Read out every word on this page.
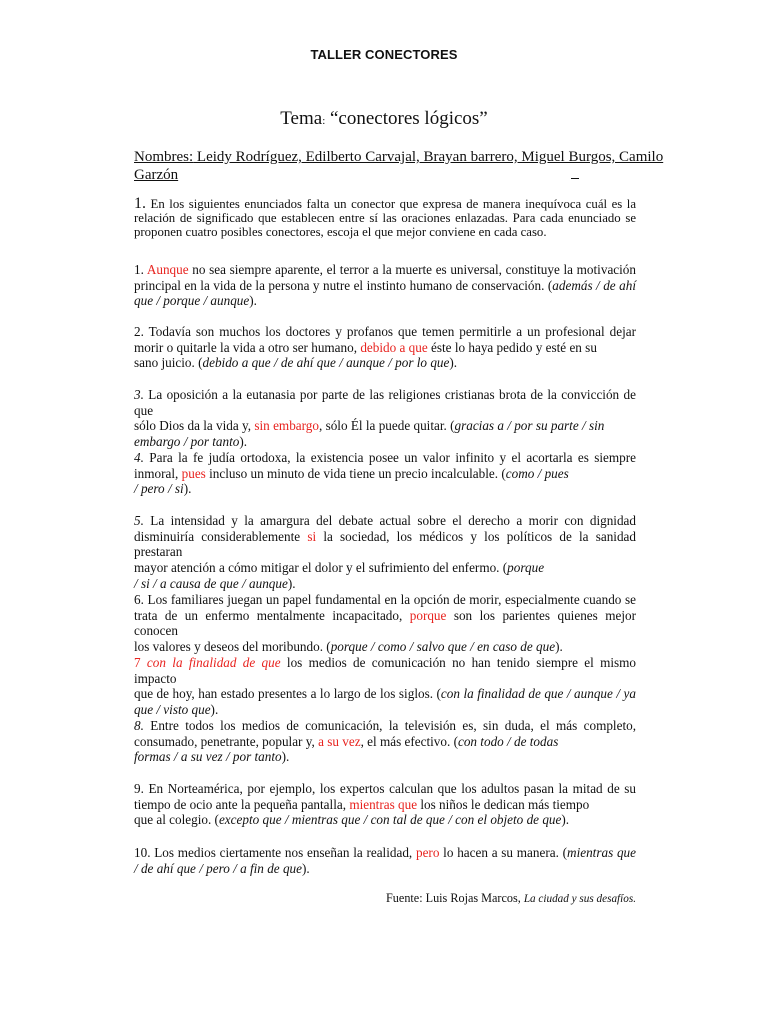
TALLER CONECTORES
Tema: “conectores lógicos”
Nombres: Leidy Rodríguez, Edilberto Carvajal, Brayan barrero, Miguel Burgos, Camilo
Garzón
1. En los siguientes enunciados falta un conector que expresa de manera inequívoca cuál es la
relación de significado que establecen entre sí las oraciones enlazadas. Para cada enunciado se
proponen cuatro posibles conectores, escoja el que mejor conviene en cada caso.
1. Aunque no sea siempre aparente, el terror a la muerte es universal, constituye la motivación
principal en la vida de la persona y nutre el instinto humano de conservación. (además / de ahí
que / porque / aunque).
2. Todavía son muchos los doctores y profanos que temen permitirle a un profesional dejar
morir o quitarle la vida a otro ser humano, debido a que éste lo haya pedido y esté en su
sano juicio. (debido a que / de ahí que / aunque / por lo que).
3. La oposición a la eutanasia por parte de las religiones cristianas brota de la convicción de que
sólo Dios da la vida y, sin embargo, sólo Él la puede quitar. (gracias a / por su parte / sin
embargo / por tanto).
4. Para la fe judía ortodoxa, la existencia posee un valor infinito y el acortarla es siempre
inmoral, pues incluso un minuto de vida tiene un precio incalculable. (como / pues
/ pero / si).
5. La intensidad y la amargura del debate actual sobre el derecho a morir con dignidad
disminuiría considerablemente si la sociedad, los médicos y los políticos de la sanidad prestaran
mayor atención a cómo mitigar el dolor y el sufrimiento del enfermo. (porque
/ si / a causa de que / aunque).
6. Los familiares juegan un papel fundamental en la opción de morir, especialmente cuando se
trata de un enfermo mentalmente incapacitado, porque son los parientes quienes mejor conocen
los valores y deseos del moribundo. (porque / como / salvo que / en caso de que).
7 con la finalidad de que los medios de comunicación no han tenido siempre el mismo impacto
que de hoy, han estado presentes a lo largo de los siglos. (con la finalidad de que / aunque / ya
que / visto que).
8. Entre todos los medios de comunicación, la televisión es, sin duda, el más completo,
consumado, penetrante, popular y, a su vez, el más efectivo. (con todo / de todas
formas / a su vez / por tanto).
9. En Norteamérica, por ejemplo, los expertos calculan que los adultos pasan la mitad de su
tiempo de ocio ante la pequeña pantalla, mientras que los niños le dedican más tiempo
que al colegio. (excepto que / mientras que / con tal de que / con el objeto de que).
10. Los medios ciertamente nos enseñan la realidad, pero lo hacen a su manera. (mientras que
/ de ahí que / pero / a fin de que).
Fuente: Luis Rojas Marcos, La ciudad y sus desafíos.
